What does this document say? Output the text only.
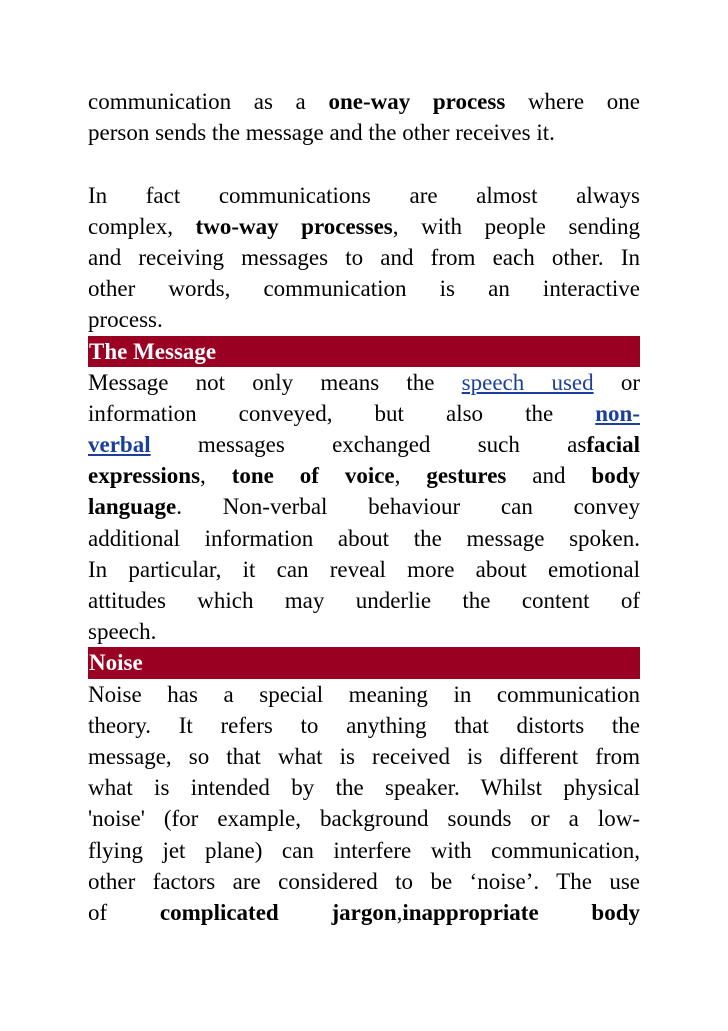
communication as a one-way process where one
person sends the message and the other receives it.
In fact communications are almost always
complex, two-way processes, with people sending
and receiving messages to and from each other. In
other words, communication is an interactive
process.
The Message
Message not only means the speech used or
information conveyed, but also the non-
verbal messages exchanged such asfacial
expressions, tone of voice, gestures and body
language. Non-verbal behaviour can convey
additional information about the message spoken.
In particular, it can reveal more about emotional
attitudes which may underlie the content of
speech.
Noise
Noise has a special meaning in communication
theory. It refers to anything that distorts the
message, so that what is received is different from
what is intended by the speaker. Whilst physical
'noise' (for example, background sounds or a low-
flying jet plane) can interfere with communication,
other factors are considered to be ‘noise’. The use
of complicated jargon,inappropriate body
